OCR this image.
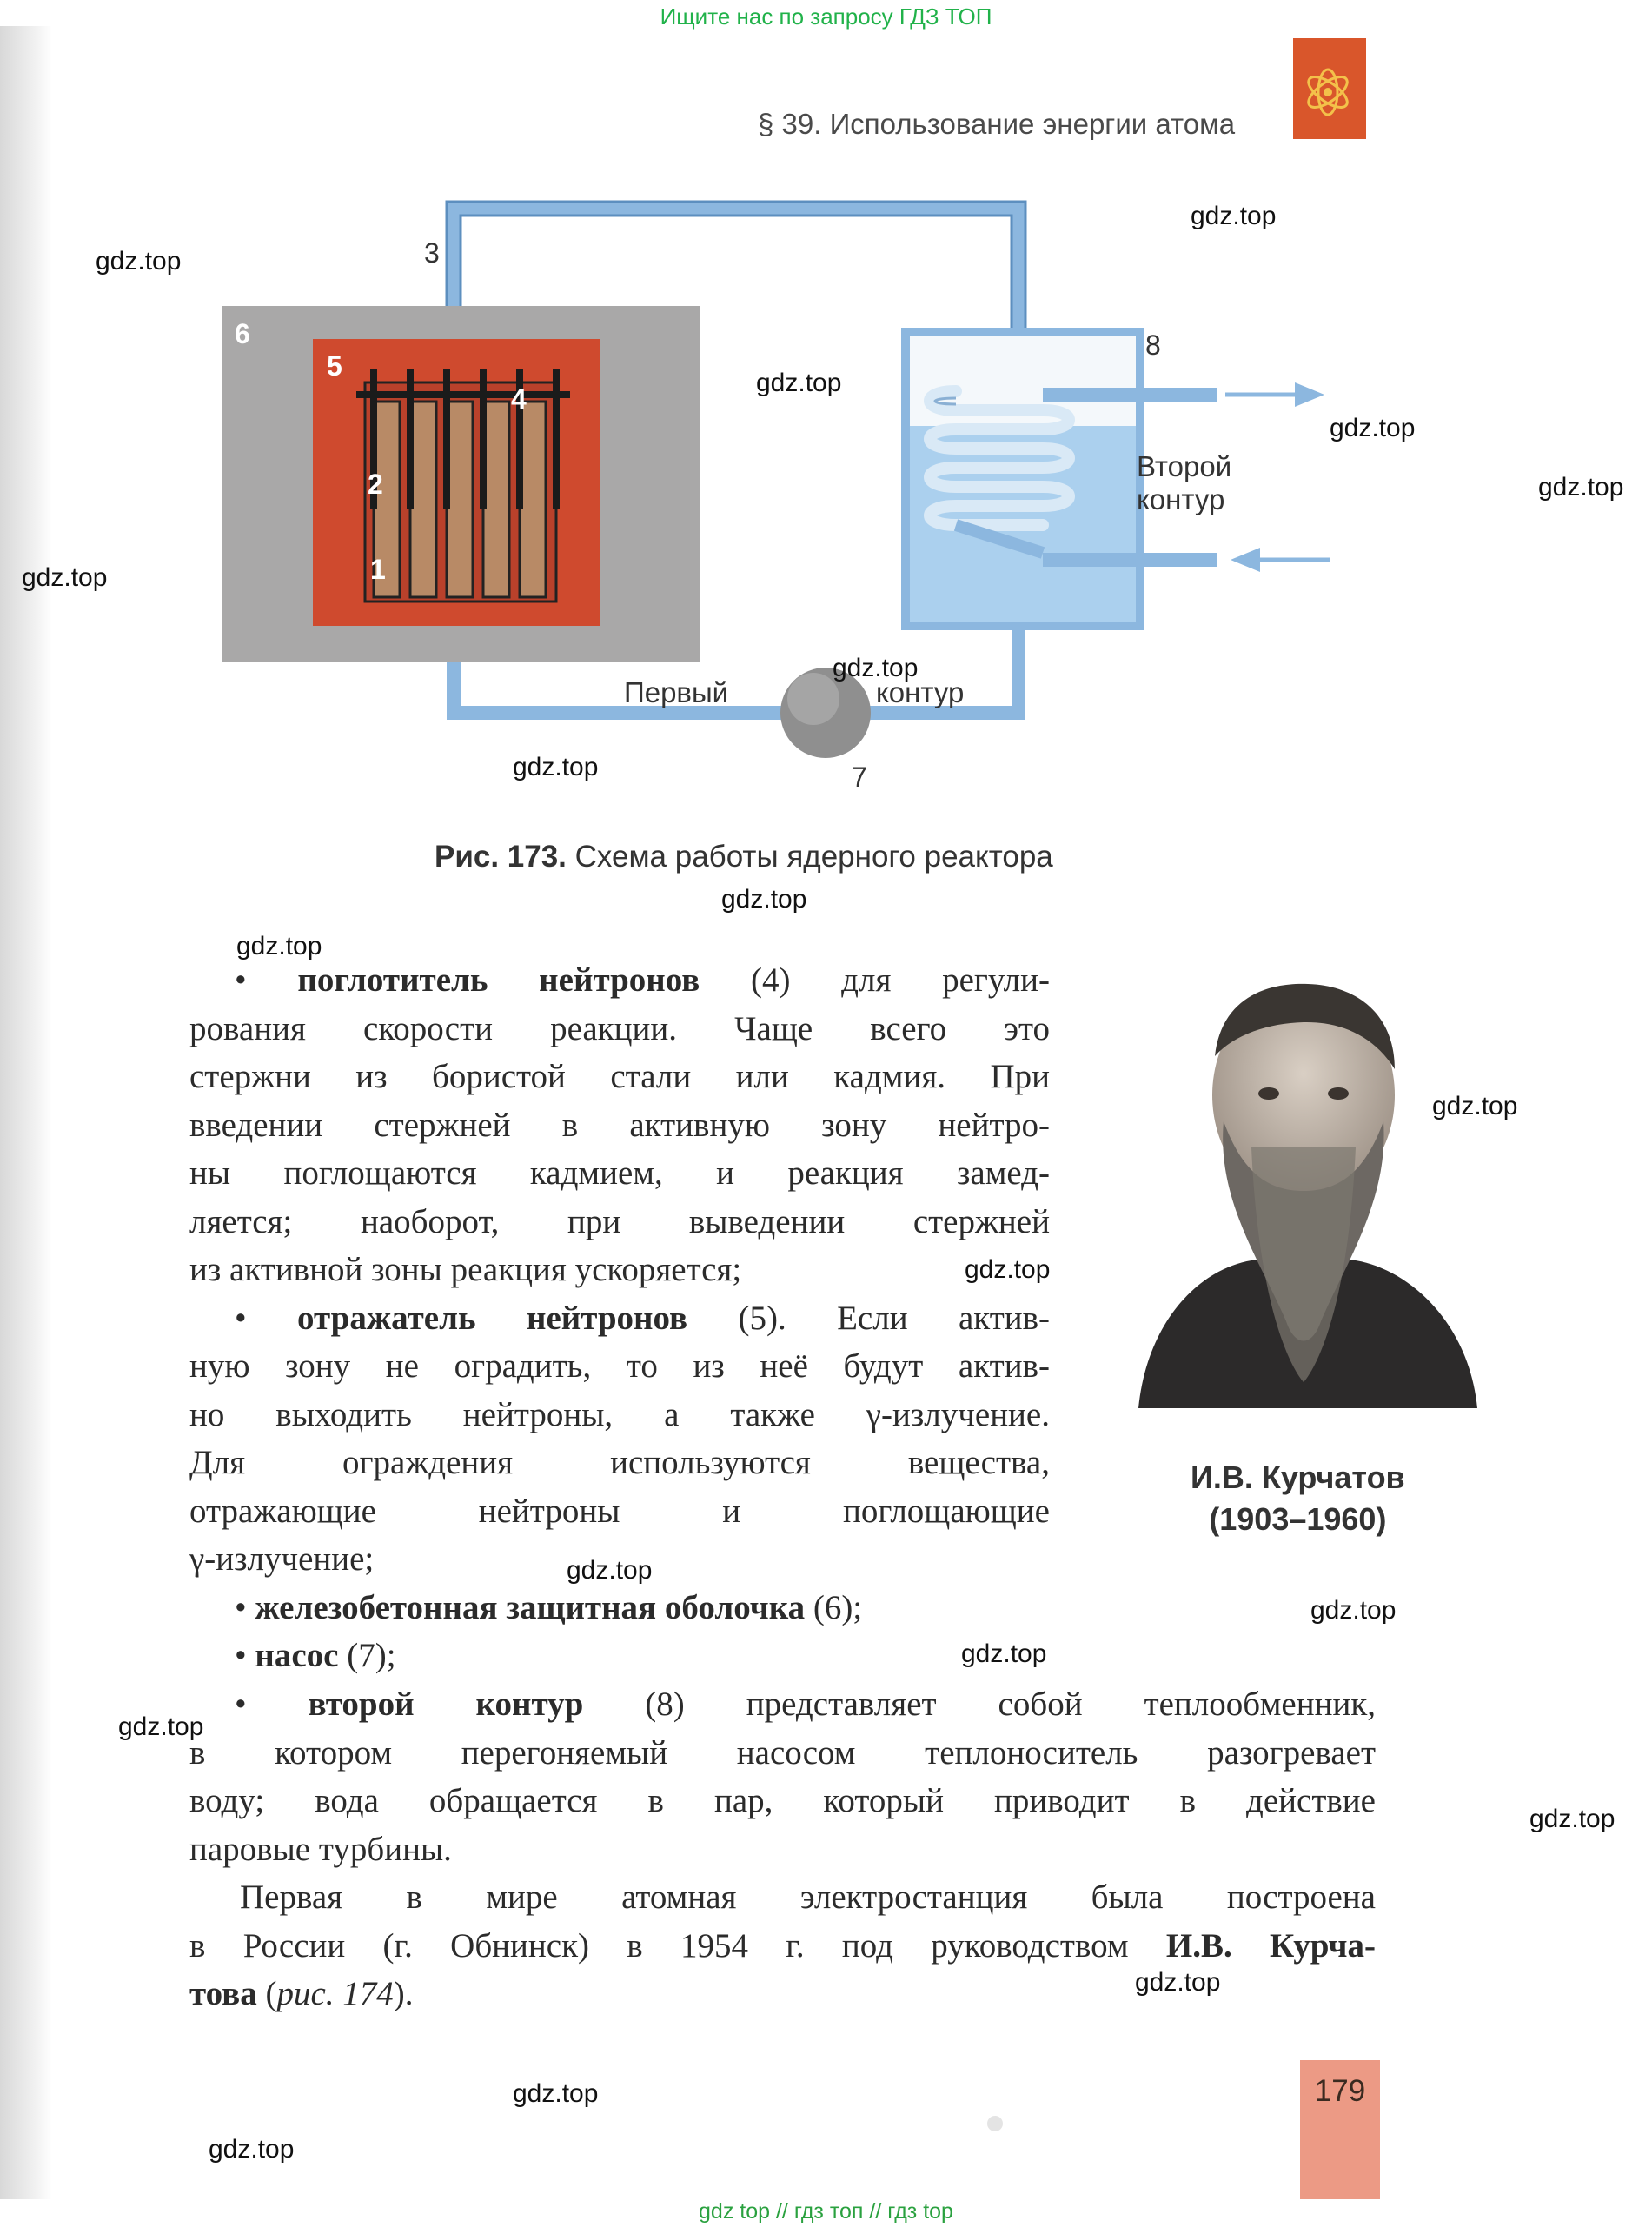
Ищите нас по запросу ГДЗ ТОП
§ 39. Использование энергии атома
3
6
5
4
2
1
8
7
Второй
контур
Первый	контур
Рис. 173. Схема работы ядерного реактора
• поглотитель нейтронов (4) для регули-
рования скорости реакции. Чаще всего это
стержни из бористой стали или кадмия. При
введении стержней в активную зону нейтро-
ны поглощаются кадмием, и реакция замед-
ляется; наоборот, при выведении стержней
из активной зоны реакция ускоряется;
• отражатель нейтронов (5). Если актив-
ную зону не оградить, то из неё будут актив-
но выходить нейтроны, а также γ-излучение.
Для ограждения используются вещества,
отражающие нейтроны и поглощающие
γ-излучение;
• железобетонная защитная оболочка (6);
• насос (7);
• второй контур (8) представляет собой теплообменник,
в котором перегоняемый насосом теплоноситель разогревает
воду; вода обращается в пар, который приводит в действие
паровые турбины.
Первая в мире атомная электростанция была построена
в России (г. Обнинск) в 1954 г. под руководством И.В. Курча-
това (рис. 174).
И.В. Курчатов
(1903–1960)
179
gdz.top
gdz.top
gdz.top
gdz.top
gdz.top
gdz.top
gdz.top
gdz.top
gdz.top
gdz.top
gdz.top
gdz.top
gdz.top
gdz.top
gdz.top
gdz.top
gdz.top
gdz.top
gdz.top
gdz.top
gdz top // гдз топ // гдз top
